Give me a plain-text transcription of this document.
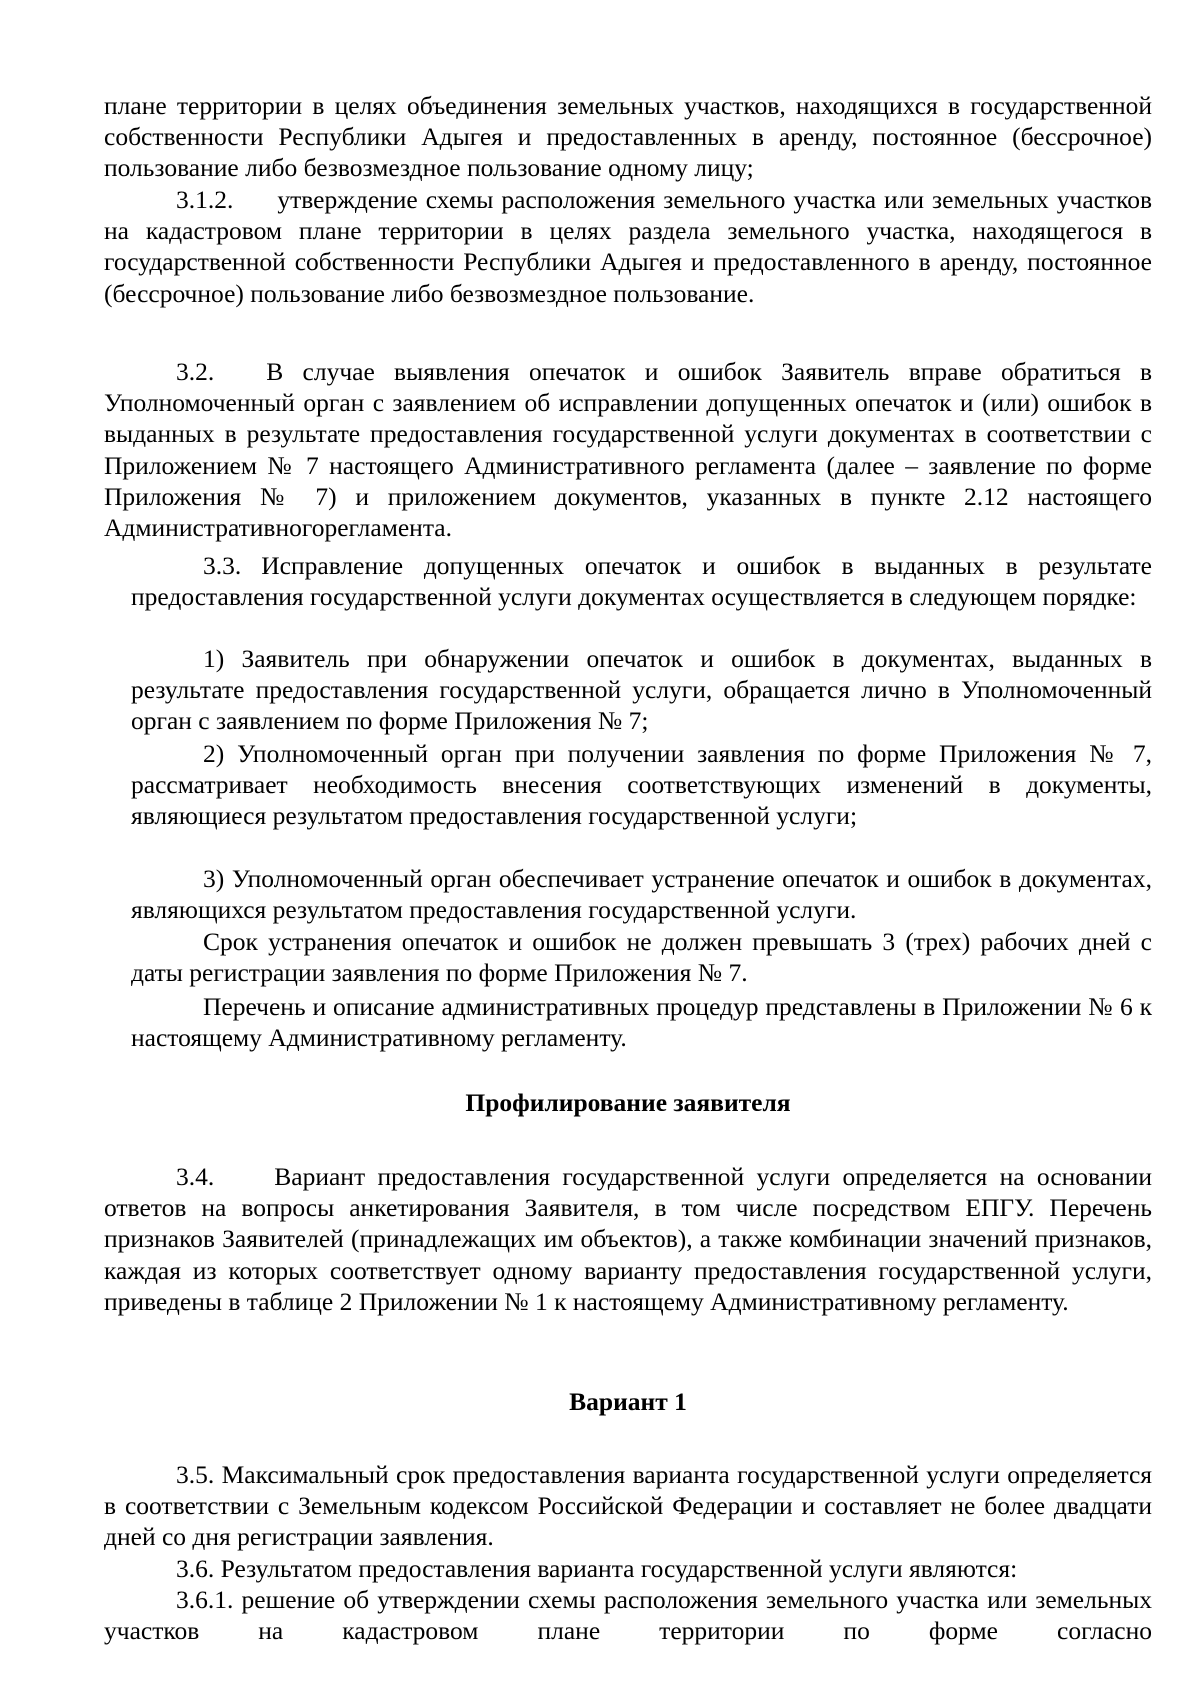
плане территории в целях объединения земельных участков, находящихся в государственной собственности Республики Адыгея и предоставленных в аренду, постоянное (бессрочное) пользование либо безвозмездное пользование одному лицу;

3.1.2. утверждение схемы расположения земельного участка или земельных участков на кадастровом плане территории в целях раздела земельного участка, находящегося в государственной собственности Республики Адыгея и предоставленного в аренду, постоянное (бессрочное) пользование либо безвозмездное пользование.

3.2. В случае выявления опечаток и ошибок Заявитель вправе обратиться в Уполномоченный орган с заявлением об исправлении допущенных опечаток и (или) ошибок в выданных в результате предоставления государственной услуги документах в соответствии с Приложением № 7 настоящего Административного регламента (далее – заявление по форме Приложения № 7) и приложением документов, указанных в пункте 2.12 настоящего Административногорегламента.

3.3. Исправление допущенных опечаток и ошибок в выданных в результате предоставления государственной услуги документах осуществляется в следующем порядке:

1) Заявитель при обнаружении опечаток и ошибок в документах, выданных в результате предоставления государственной услуги, обращается лично в Уполномоченный орган с заявлением по форме Приложения № 7;

2) Уполномоченный орган при получении заявления по форме Приложения № 7, рассматривает необходимость внесения соответствующих изменений в документы, являющиеся результатом предоставления государственной услуги;

3) Уполномоченный орган обеспечивает устранение опечаток и ошибок в документах, являющихся результатом предоставления государственной услуги.

Срок устранения опечаток и ошибок не должен превышать 3 (трех) рабочих дней с даты регистрации заявления по форме Приложения № 7.

Перечень и описание административных процедур представлены в Приложении № 6 к настоящему Административному регламенту.

Профилирование заявителя

3.4. Вариант предоставления государственной услуги определяется на основании ответов на вопросы анкетирования Заявителя, в том числе посредством ЕПГУ. Перечень признаков Заявителей (принадлежащих им объектов), а также комбинации значений признаков, каждая из которых соответствует одному варианту предоставления государственной услуги, приведены в таблице 2 Приложении № 1 к настоящему Административному регламенту.

Вариант 1

3.5. Максимальный срок предоставления варианта государственной услуги определяется в соответствии с Земельным кодексом Российской Федерации и составляет не более двадцати дней со дня регистрации заявления.

3.6. Результатом предоставления варианта государственной услуги являются:

3.6.1. решение об утверждении схемы расположения земельного участка или земельных участков на кадастровом плане территории по форме согласно
